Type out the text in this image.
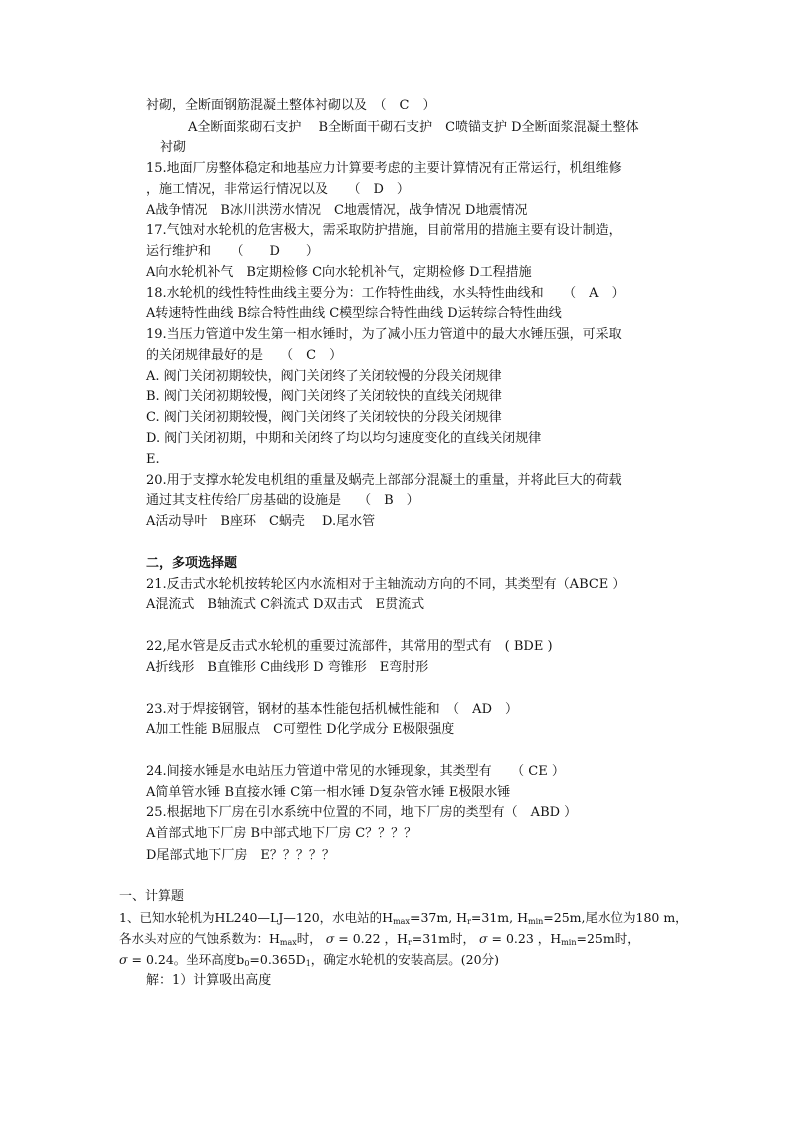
衬砌，全断面钢筋混凝土整体衬砌以及　（　C　）
A全断面浆砌石支护　 B全断面干砌石支护　C喷锚支护 D全断面浆混凝土整体
衬砌
15.地面厂房整体稳定和地基应力计算要考虑的主要计算情况有正常运行，机组维修
，施工情况，非常运行情况以及　　（　D　）
A战争情况　B冰川洪涝水情况　C地震情况，战争情况 D地震情况
17.气蚀对水轮机的危害极大，需采取防护措施，目前常用的措施主要有设计制造，
运行维护和　　（　　D　　）
A向水轮机补气　B定期检修 C向水轮机补气，定期检修 D工程措施
18.水轮机的线性特性曲线主要分为：工作特性曲线，水头特性曲线和　　（　A　）
A转速特性曲线 B综合特性曲线 C模型综合特性曲线 D运转综合特性曲线
19.当压力管道中发生第一相水锤时，为了减小压力管道中的最大水锤压强，可采取
的关闭规律最好的是　 （　C　）
A. 阀门关闭初期较快，阀门关闭终了关闭较慢的分段关闭规律
B. 阀门关闭初期较慢，阀门关闭终了关闭较快的直线关闭规律
C. 阀门关闭初期较慢，阀门关闭终了关闭较快的分段关闭规律
D. 阀门关闭初期，中期和关闭终了均以均匀速度变化的直线关闭规律
E.
20.用于支撑水轮发电机组的重量及蜗壳上部部分混凝土的重量，并将此巨大的荷载
通过其支柱传给厂房基础的设施是　 （　B　）
A活动导叶　B座环　C蜗壳　 D.尾水管
二，多项选择题
21.反击式水轮机按转轮区内水流相对于主轴流动方向的不同，其类型有（ABCE ）
A混流式　B轴流式 C斜流式 D双击式　E贯流式
22,尾水管是反击式水轮机的重要过流部件，其常用的型式有　( BDE )
A折线形　B直锥形 C曲线形 D 弯锥形　E弯肘形
23.对于焊接钢管，钢材的基本性能包括机械性能和　（　AD　）
A加工性能 B屈服点　C可塑性 D化学成分 E极限强度
24.间接水锤是水电站压力管道中常见的水锤现象，其类型有　　（ CE ）
A简单管水锤 B直接水锤 C第一相水锤 D复杂管水锤 E极限水锤
25.根据地下厂房在引水系统中位置的不同，地下厂房的类型有（　ABD ）
A首部式地下厂房 B中部式地下厂房 C？？？？
D尾部式地下厂房　E？？？？？
一、计算题
1、已知水轮机为HL240—LJ—120，水电站的$H_{max}=37m$, $H_r=31m$, $H_{min}=25m$,尾水位为180 m，
各水头对应的气蚀系数为：$H_{max}$时， σ = 0.22 ，$H_r=31m$时， σ = 0.23 ，$H_{min}=25m$时，
σ = 0.24。坐环高度$b_0=0.365D_1$，确定水轮机的安装高层。(20分)
解：1）计算吸出高度
